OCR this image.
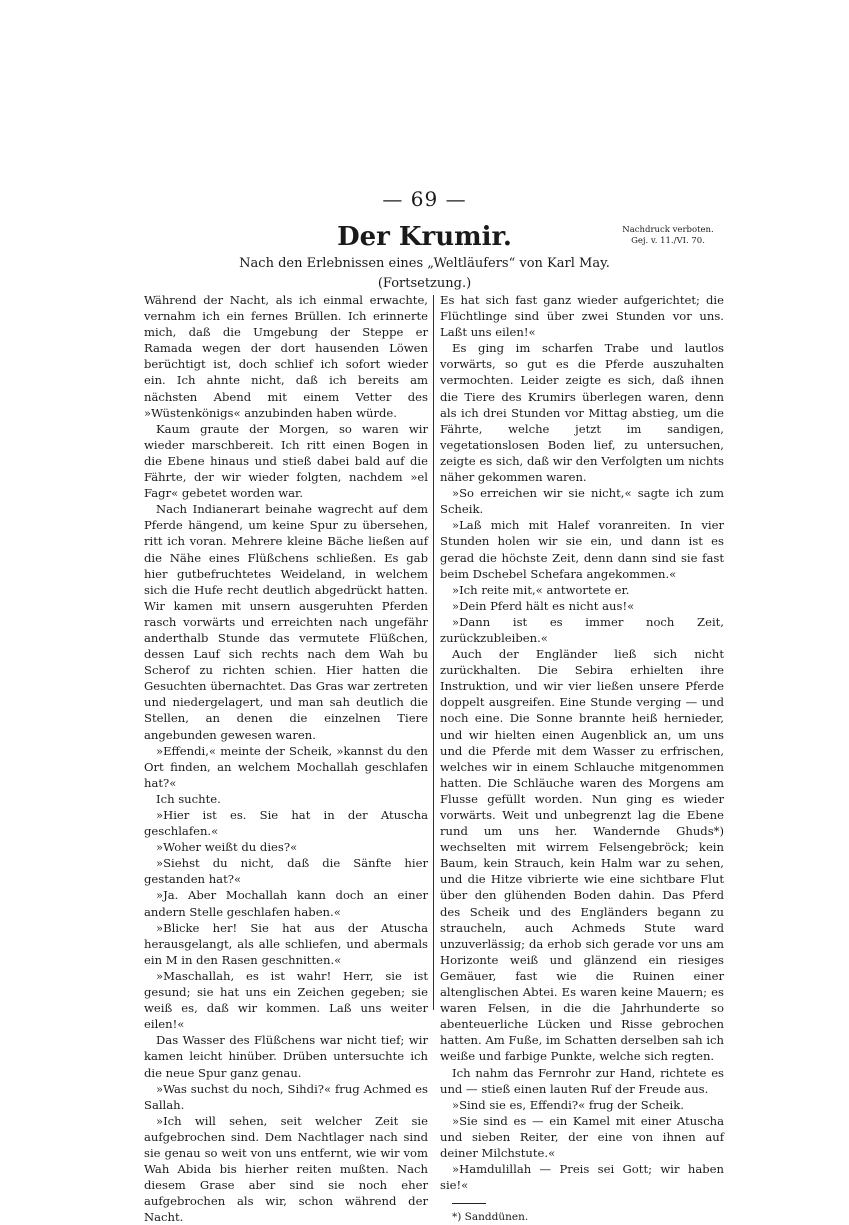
— 69 —
Der Krumir.	Nachdruck verboten.
Gej. v. 11./VI. 70.
Nach den Erlebnissen eines „Weltläufers“ von Karl May.
(Fortsetzung.)

Während der Nacht, als ich einmal erwachte, vernahm ich ein fernes Brüllen. Ich erinnerte mich, daß die Umgebung der Steppe er Ramada wegen der dort hausenden Löwen berüchtigt ist, doch schlief ich sofort wieder ein. Ich ahnte nicht, daß ich bereits am nächsten Abend mit einem Vetter des »Wüstenkönigs« anzubinden haben würde.

Kaum graute der Morgen, so waren wir wieder marschbereit. Ich ritt einen Bogen in die Ebene hinaus und stieß dabei bald auf die Fährte, der wir wieder folgten, nachdem »el Fagr« gebetet worden war.

Nach Indianerart beinahe wagrecht auf dem Pferde hängend, um keine Spur zu übersehen, ritt ich voran. Mehrere kleine Bäche ließen auf die Nähe eines Flüßchens schließen. Es gab hier gutbefruchtetes Weideland, in welchem sich die Hufe recht deutlich abgedrückt hatten. Wir kamen mit unsern ausgeruhten Pferden rasch vorwärts und erreichten nach ungefähr anderthalb Stunde das vermutete Flüßchen, dessen Lauf sich rechts nach dem Wah bu Scherof zu richten schien. Hier hatten die Gesuchten übernachtet. Das Gras war zertreten und niedergelagert, und man sah deutlich die Stellen, an denen die einzelnen Tiere angebunden gewesen waren.

»Effendi,« meinte der Scheik, »kannst du den Ort finden, an welchem Mochallah geschlafen hat?«

Ich suchte.

»Hier ist es. Sie hat in der Atuscha geschlafen.«

»Woher weißt du dies?«

»Siehst du nicht, daß die Sänfte hier gestanden hat?«

»Ja. Aber Mochallah kann doch an einer andern Stelle geschlafen haben.«

»Blicke her! Sie hat aus der Atuscha herausgelangt, als alle schliefen, und abermals ein M in den Rasen geschnitten.«

»Maschallah, es ist wahr! Herr, sie ist gesund; sie hat uns ein Zeichen gegeben; sie weiß es, daß wir kommen. Laß uns weiter eilen!«

Das Wasser des Flüßchens war nicht tief; wir kamen leicht hinüber. Drüben untersuchte ich die neue Spur ganz genau.

»Was suchst du noch, Sihdi?« frug Achmed es Sallah.

»Ich will sehen, seit welcher Zeit sie aufgebrochen sind. Dem Nachtlager nach sind sie genau so weit von uns entfernt, wie wir vom Wah Abida bis hierher reiten mußten. Nach diesem Grase aber sind sie noch eher aufgebrochen als wir, schon während der Nacht.

Es hat sich fast ganz wieder aufgerichtet; die Flüchtlinge sind über zwei Stunden vor uns. Laßt uns eilen!«

Es ging im scharfen Trabe und lautlos vorwärts, so gut es die Pferde auszuhalten vermochten. Leider zeigte es sich, daß ihnen die Tiere des Krumirs überlegen waren, denn als ich drei Stunden vor Mittag abstieg, um die Fährte, welche jetzt im sandigen, vegetationslosen Boden lief, zu untersuchen, zeigte es sich, daß wir den Verfolgten um nichts näher gekommen waren.

»So erreichen wir sie nicht,« sagte ich zum Scheik.

»Laß mich mit Halef voranreiten. In vier Stunden holen wir sie ein, und dann ist es gerad die höchste Zeit, denn dann sind sie fast beim Dschebel Schefara angekommen.«

»Ich reite mit,« antwortete er.

»Dein Pferd hält es nicht aus!«

»Dann ist es immer noch Zeit, zurückzubleiben.«

Auch der Engländer ließ sich nicht zurückhalten. Die Sebira erhielten ihre Instruktion, und wir vier ließen unsere Pferde doppelt ausgreifen. Eine Stunde verging — und noch eine. Die Sonne brannte heiß hernieder, und wir hielten einen Augenblick an, um uns und die Pferde mit dem Wasser zu erfrischen, welches wir in einem Schlauche mitgenommen hatten. Die Schläuche waren des Morgens am Flusse gefüllt worden. Nun ging es wieder vorwärts. Weit und unbegrenzt lag die Ebene rund um uns her. Wandernde Ghuds*) wechselten mit wirrem Felsengebröck; kein Baum, kein Strauch, kein Halm war zu sehen, und die Hitze vibrierte wie eine sichtbare Flut über den glühenden Boden dahin. Das Pferd des Scheik und des Engländers begann zu straucheln, auch Achmeds Stute ward unzuverlässig; da erhob sich gerade vor uns am Horizonte weiß und glänzend ein riesiges Gemäuer, fast wie die Ruinen einer altenglischen Abtei. Es waren keine Mauern; es waren Felsen, in die die Jahrhunderte so abenteuerliche Lücken und Risse gebrochen hatten. Am Fuße, im Schatten derselben sah ich weiße und farbige Punkte, welche sich regten.

Ich nahm das Fernrohr zur Hand, richtete es und — stieß einen lauten Ruf der Freude aus.

»Sind sie es, Effendi?« frug der Scheik.

»Sie sind es — ein Kamel mit einer Atuscha und sieben Reiter, der eine von ihnen auf deiner Milchstute.«

»Hamdulillah — Preis sei Gott; wir haben sie!«

*) Sanddünen.
